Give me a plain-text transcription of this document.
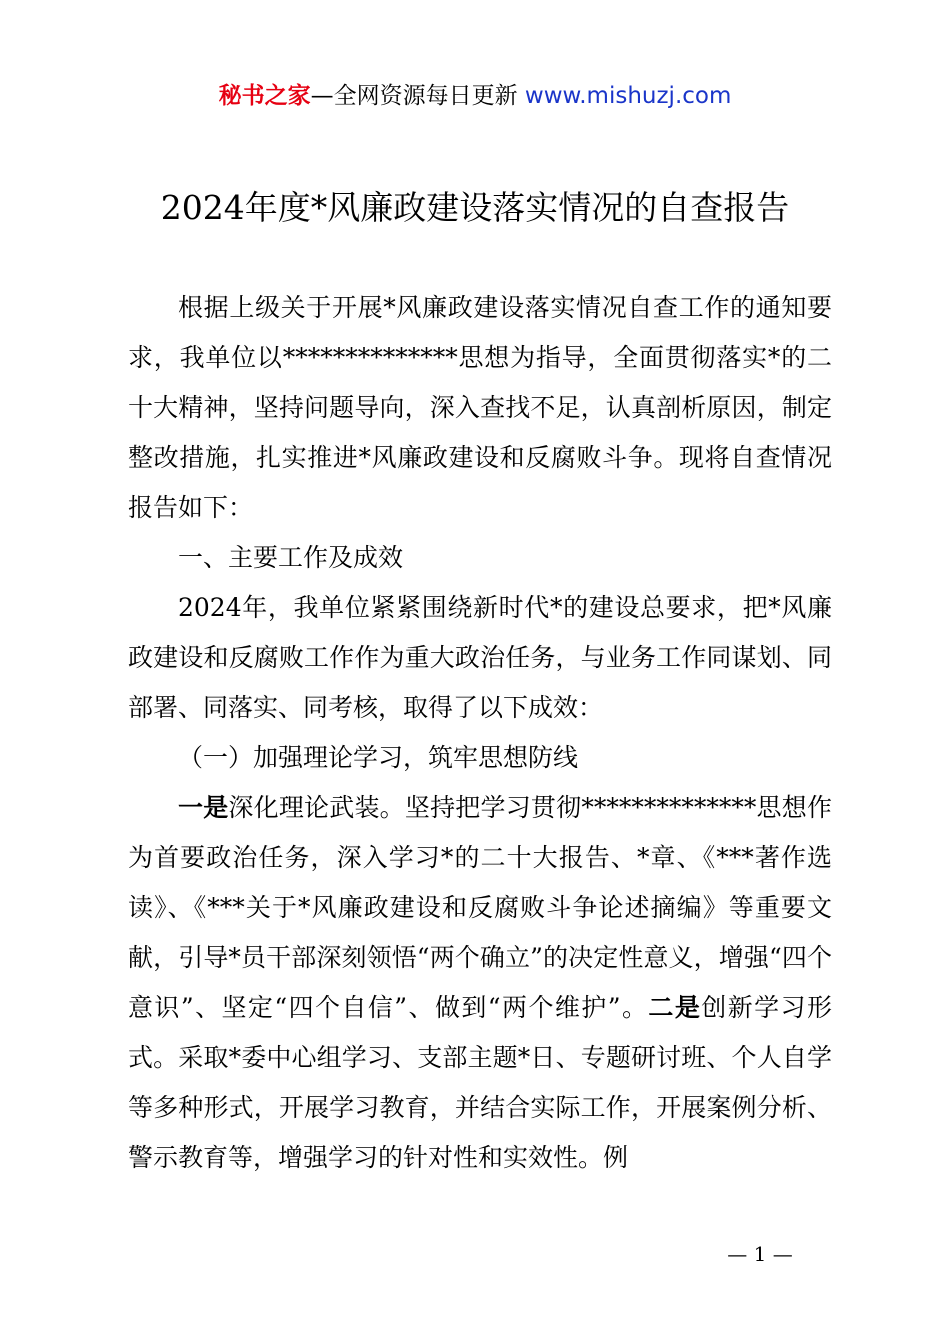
秘书之家—全网资源每日更新 www.mishuzj.com
2024年度*风廉政建设落实情况的自查报告

根据上级关于开展*风廉政建设落实情况自查工作的通知要求，我单位以**************思想为指导，全面贯彻落实*的二十大精神，坚持问题导向，深入查找不足，认真剖析原因，制定整改措施，扎实推进*风廉政建设和反腐败斗争。现将自查情况报告如下：

一、主要工作及成效

2024年，我单位紧紧围绕新时代*的建设总要求，把*风廉政建设和反腐败工作作为重大政治任务，与业务工作同谋划、同部署、同落实、同考核，取得了以下成效：

（一）加强理论学习，筑牢思想防线

一是深化理论武装。坚持把学习贯彻**************思想作为首要政治任务，深入学习*的二十大报告、*章、《***著作选读》、《***关于*风廉政建设和反腐败斗争论述摘编》等重要文献，引导*员干部深刻领悟“两个确立”的决定性意义，增强“四个意识”、坚定“四个自信”、做到“两个维护”。二是创新学习形式。采取*委中心组学习、支部主题*日、专题研讨班、个人自学等多种形式，开展学习教育，并结合实际工作，开展案例分析、警示教育等，增强学习的针对性和实效性。例

— 1 —
